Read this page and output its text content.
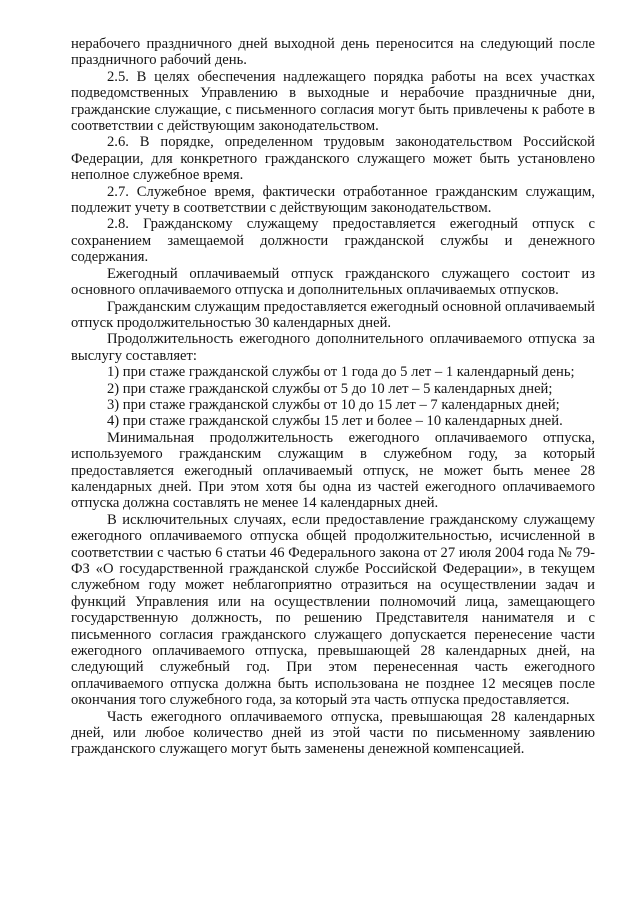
нерабочего праздничного дней выходной день переносится на следующий после праздничного рабочий день.

2.5. В целях обеспечения надлежащего порядка работы на всех участках подведомственных Управлению в выходные и нерабочие праздничные дни, гражданские служащие, с письменного согласия могут быть привлечены к работе в соответствии с действующим законодательством.

2.6. В порядке, определенном трудовым законодательством Российской Федерации, для конкретного гражданского служащего может быть установлено неполное служебное время.

2.7. Служебное время, фактически отработанное гражданским служащим, подлежит учету в соответствии с действующим законодательством.

2.8. Гражданскому служащему предоставляется ежегодный отпуск с сохранением замещаемой должности гражданской службы и денежного содержания.

Ежегодный оплачиваемый отпуск гражданского служащего состоит из основного оплачиваемого отпуска и дополнительных оплачиваемых отпусков.

Гражданским служащим предоставляется ежегодный основной оплачиваемый отпуск продолжительностью 30 календарных дней.

Продолжительность ежегодного дополнительного оплачиваемого отпуска за выслугу составляет:

1) при стаже гражданской службы от 1 года до 5 лет – 1 календарный день;

2) при стаже гражданской службы от 5 до 10 лет – 5 календарных дней;

3) при стаже гражданской службы от 10 до 15 лет – 7 календарных дней;

4) при стаже гражданской службы 15 лет и более – 10 календарных дней.

Минимальная продолжительность ежегодного оплачиваемого отпуска, используемого гражданским служащим в служебном году, за который предоставляется ежегодный оплачиваемый отпуск, не может быть менее 28 календарных дней. При этом хотя бы одна из частей ежегодного оплачиваемого отпуска должна составлять не менее 14 календарных дней.

В исключительных случаях, если предоставление гражданскому служащему ежегодного оплачиваемого отпуска общей продолжительностью, исчисленной в соответствии с частью 6 статьи 46 Федерального закона от 27 июля 2004 года № 79-ФЗ «О государственной гражданской службе Российской Федерации», в текущем служебном году может неблагоприятно отразиться на осуществлении задач и функций Управления или на осуществлении полномочий лица, замещающего государственную должность, по решению Представителя нанимателя и с письменного согласия гражданского служащего допускается перенесение части ежегодного оплачиваемого отпуска, превышающей 28 календарных дней, на следующий служебный год. При этом перенесенная часть ежегодного оплачиваемого отпуска должна быть использована не позднее 12 месяцев после окончания того служебного года, за который эта часть отпуска предоставляется.

Часть ежегодного оплачиваемого отпуска, превышающая 28 календарных дней, или любое количество дней из этой части по письменному заявлению гражданского служащего могут быть заменены денежной компенсацией.
